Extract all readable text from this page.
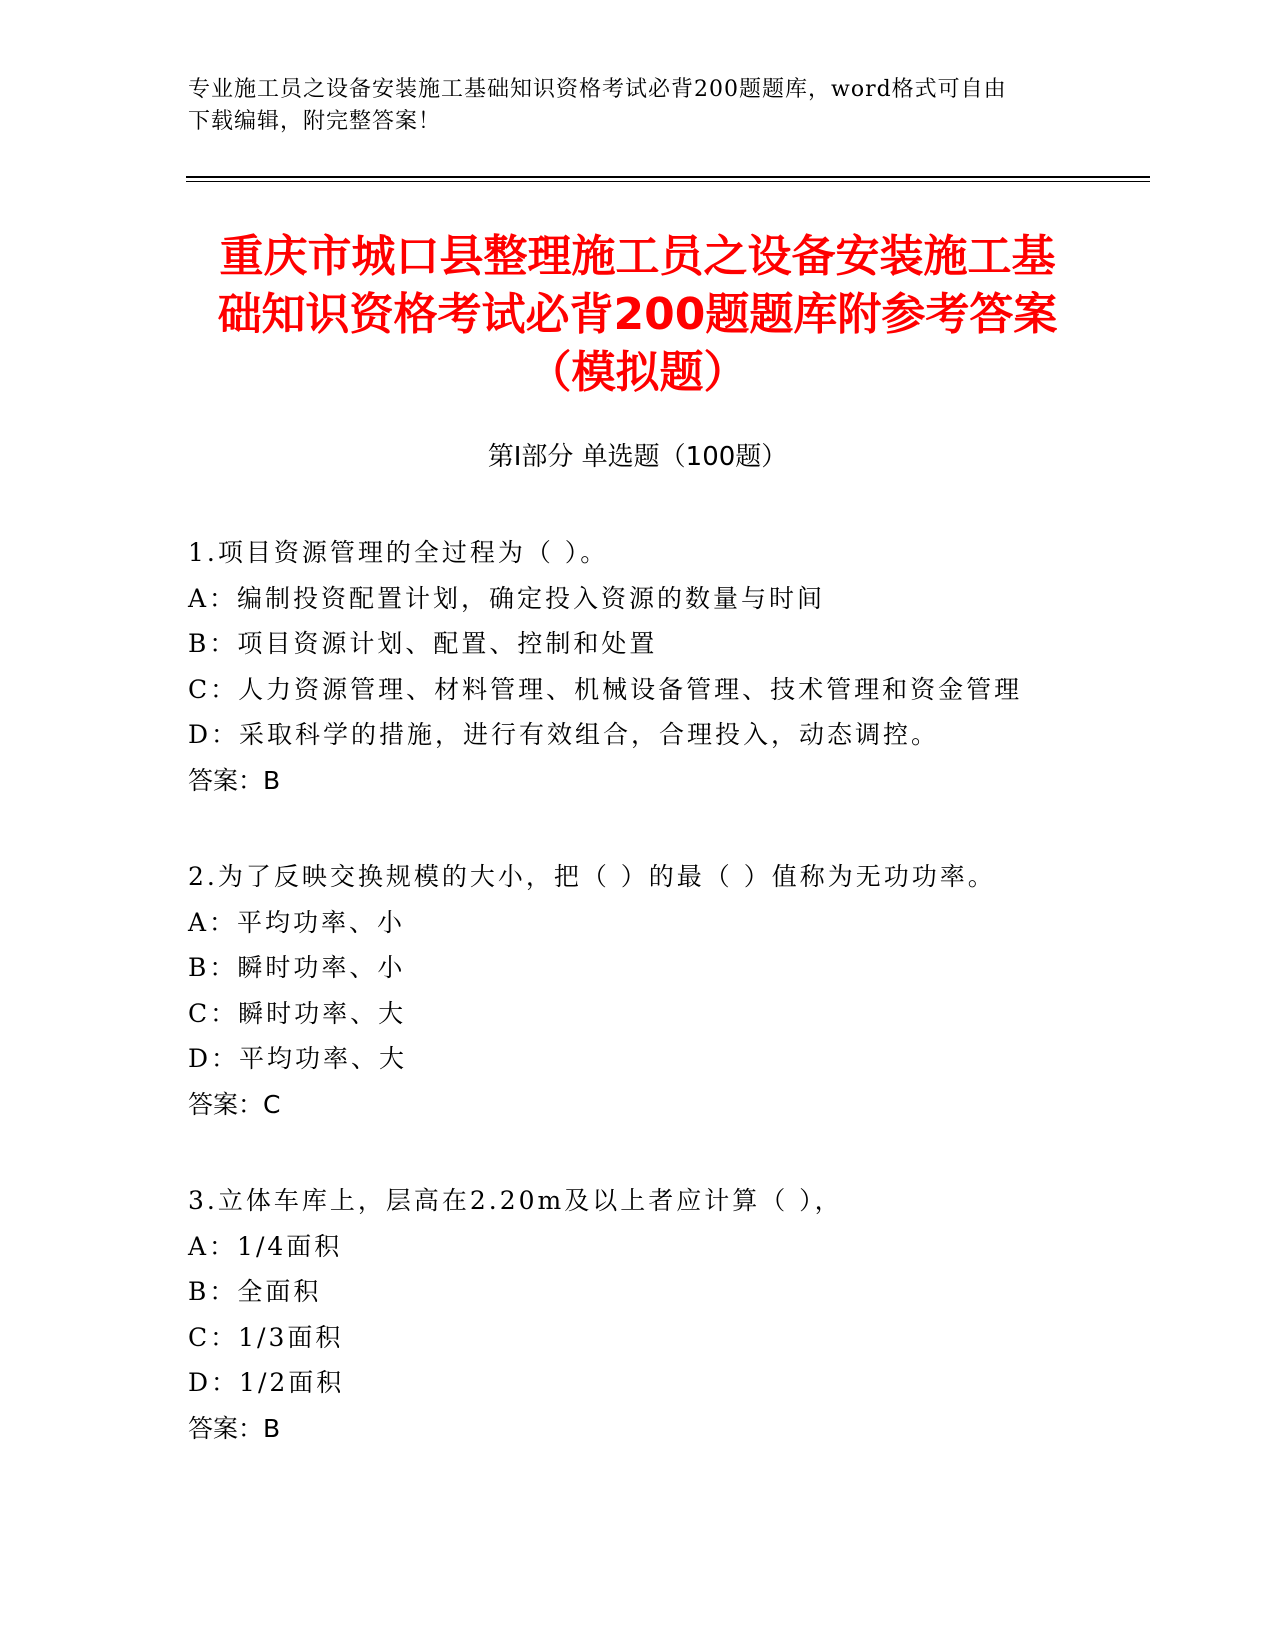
专业施工员之设备安装施工基础知识资格考试必背200题题库，word格式可自由
下载编辑，附完整答案！
重庆市城口县整理施工员之设备安装施工基
础知识资格考试必背200题题库附参考答案
（模拟题）
第Ⅰ部分 单选题（100题）
1.项目资源管理的全过程为（ ）。
A：编制投资配置计划，确定投入资源的数量与时间
B：项目资源计划、配置、控制和处置
C：人力资源管理、材料管理、机械设备管理、技术管理和资金管理
D：采取科学的措施，进行有效组合，合理投入，动态调控。
答案：B
2.为了反映交换规模的大小，把（ ）的最（ ）值称为无功功率。
A：平均功率、小
B：瞬时功率、小
C：瞬时功率、大
D：平均功率、大
答案：C
3.立体车库上，层高在2.20m及以上者应计算（ ），
A：1/4面积
B：全面积
C：1/3面积
D：1/2面积
答案：B
